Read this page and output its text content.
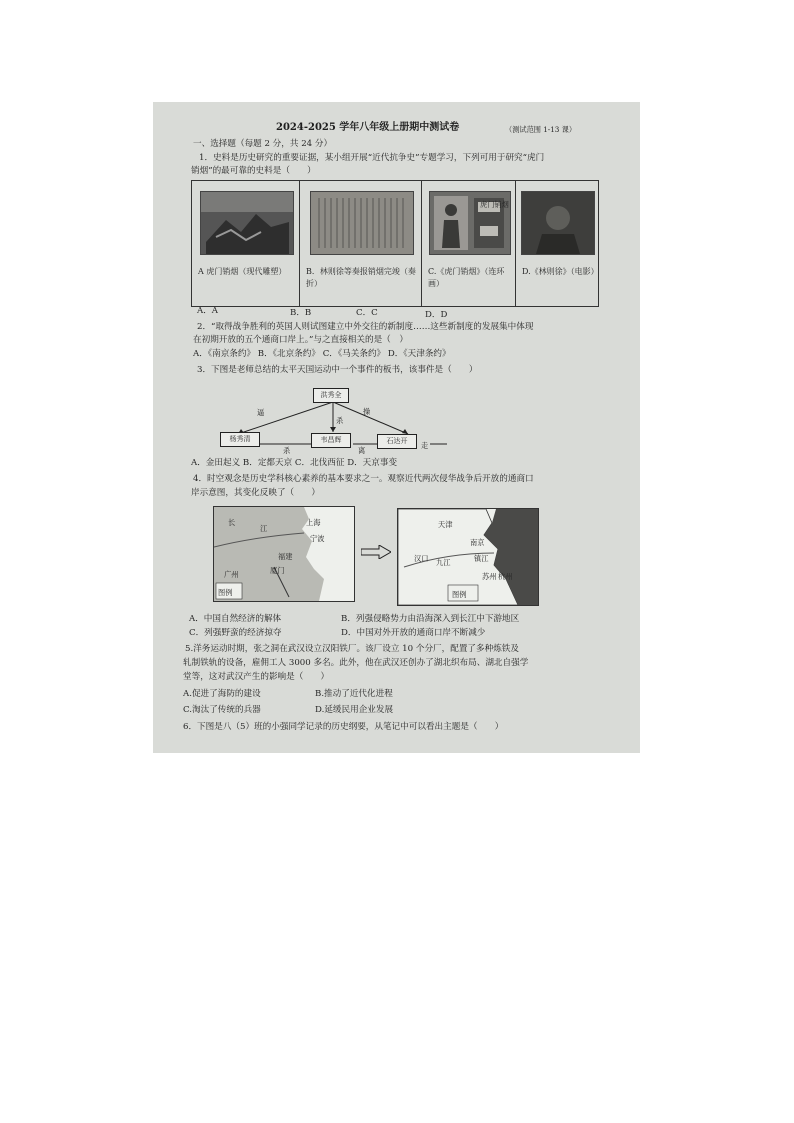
2024-2025 学年八年级上册期中测试卷	（测试范围 1-13 课）
一、选择题（每题 2 分，共 24 分）
1．史料是历史研究的重要证据，某小组开展“近代抗争史”专题学习，下列可用于研究“虎门
销烟”的最可靠的史料是（　　）
A 虎门销烟（现代雕塑）	B．林则徐等奏报销烟完竣（奏折）
虎门销烟
C.《虎门销烟》（连环画）
D.《林则徐》（电影）
A．A	B．B	C．C	D．D
2．“取得战争胜利的英国人则试图建立中外交往的新制度……这些新制度的发展集中体现
在初期开放的五个通商口岸上。”与之直接相关的是（　）
A．《南京条约》 B．《北京条约》 C．《马关条约》 D．《天津条约》
3．下图是老师总结的太平天国运动中一个事件的板书，该事件是（　　）
洪秀全
杨秀清	韦昌辉	石达开
逼
杀
操
杀	离
走
A．金田起义 B．定都天京 C．北伐西征 D．天京事变
4．时空观念是历史学科核心素养的基本要求之一。观察近代两次侵华战争后开放的通商口
岸示意图，其变化反映了（　　）
上海
福建
厦门
广州
长
江
宁波
图例
汉口 九江
南京
镇江
天津
杭州
苏州
图例
A．中国自然经济的解体	B．列强侵略势力由沿海深入到长江中下游地区
C．列强野蛮的经济掠夺	D．中国对外开放的通商口岸不断减少
5.洋务运动时期，张之洞在武汉设立汉阳铁厂。该厂设立 10 个分厂，配置了多种炼铁及
轧制铁轨的设备，雇佣工人 3000 多名。此外，他在武汉还创办了湖北织布局、湖北自强学
堂等，这对武汉产生的影响是（　　）
A.促进了海防的建设	B.推动了近代化进程
C.淘汰了传统的兵器	D.延缓民用企业发展
6．下图是八（5）班的小强同学记录的历史纲要，从笔记中可以看出主题是（　　）
